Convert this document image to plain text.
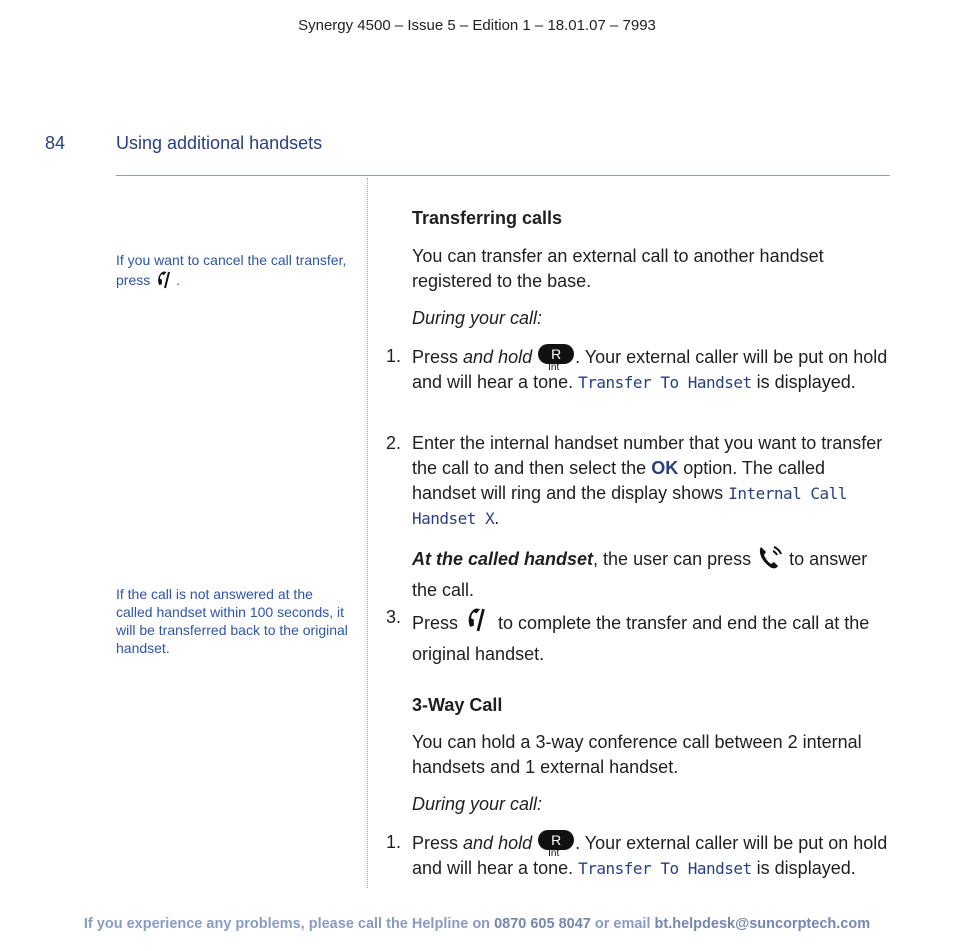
Synergy 4500 – Issue 5 – Edition 1 – 18.01.07 – 7993
84	Using additional handsets
If you want to cancel the call transfer, press .
If the call is not answered at the called handset within 100 seconds, it will be transferred back to the original handset.
Transferring calls
You can transfer an external call to another handset registered to the base.
During your call:
1. Press and hold	R
Int
. Your external caller will be put on hold and will hear a tone. Transfer To Handset is displayed.
2. Enter the internal handset number that you want to transfer the call to and then select the OK option. The called handset will ring and the display shows Internal Call Handset X.
At the called handset, the user can press to answer the call.
3. Press to complete the transfer and end the call at the original handset.
3-Way Call
You can hold a 3-way conference call between 2 internal handsets and 1 external handset.
During your call:
1. Press and hold	R
Int
. Your external caller will be put on hold and will hear a tone. Transfer To Handset is displayed.
If you experience any problems, please call the Helpline on 0870 605 8047 or email bt.helpdesk@suncorptech.com
